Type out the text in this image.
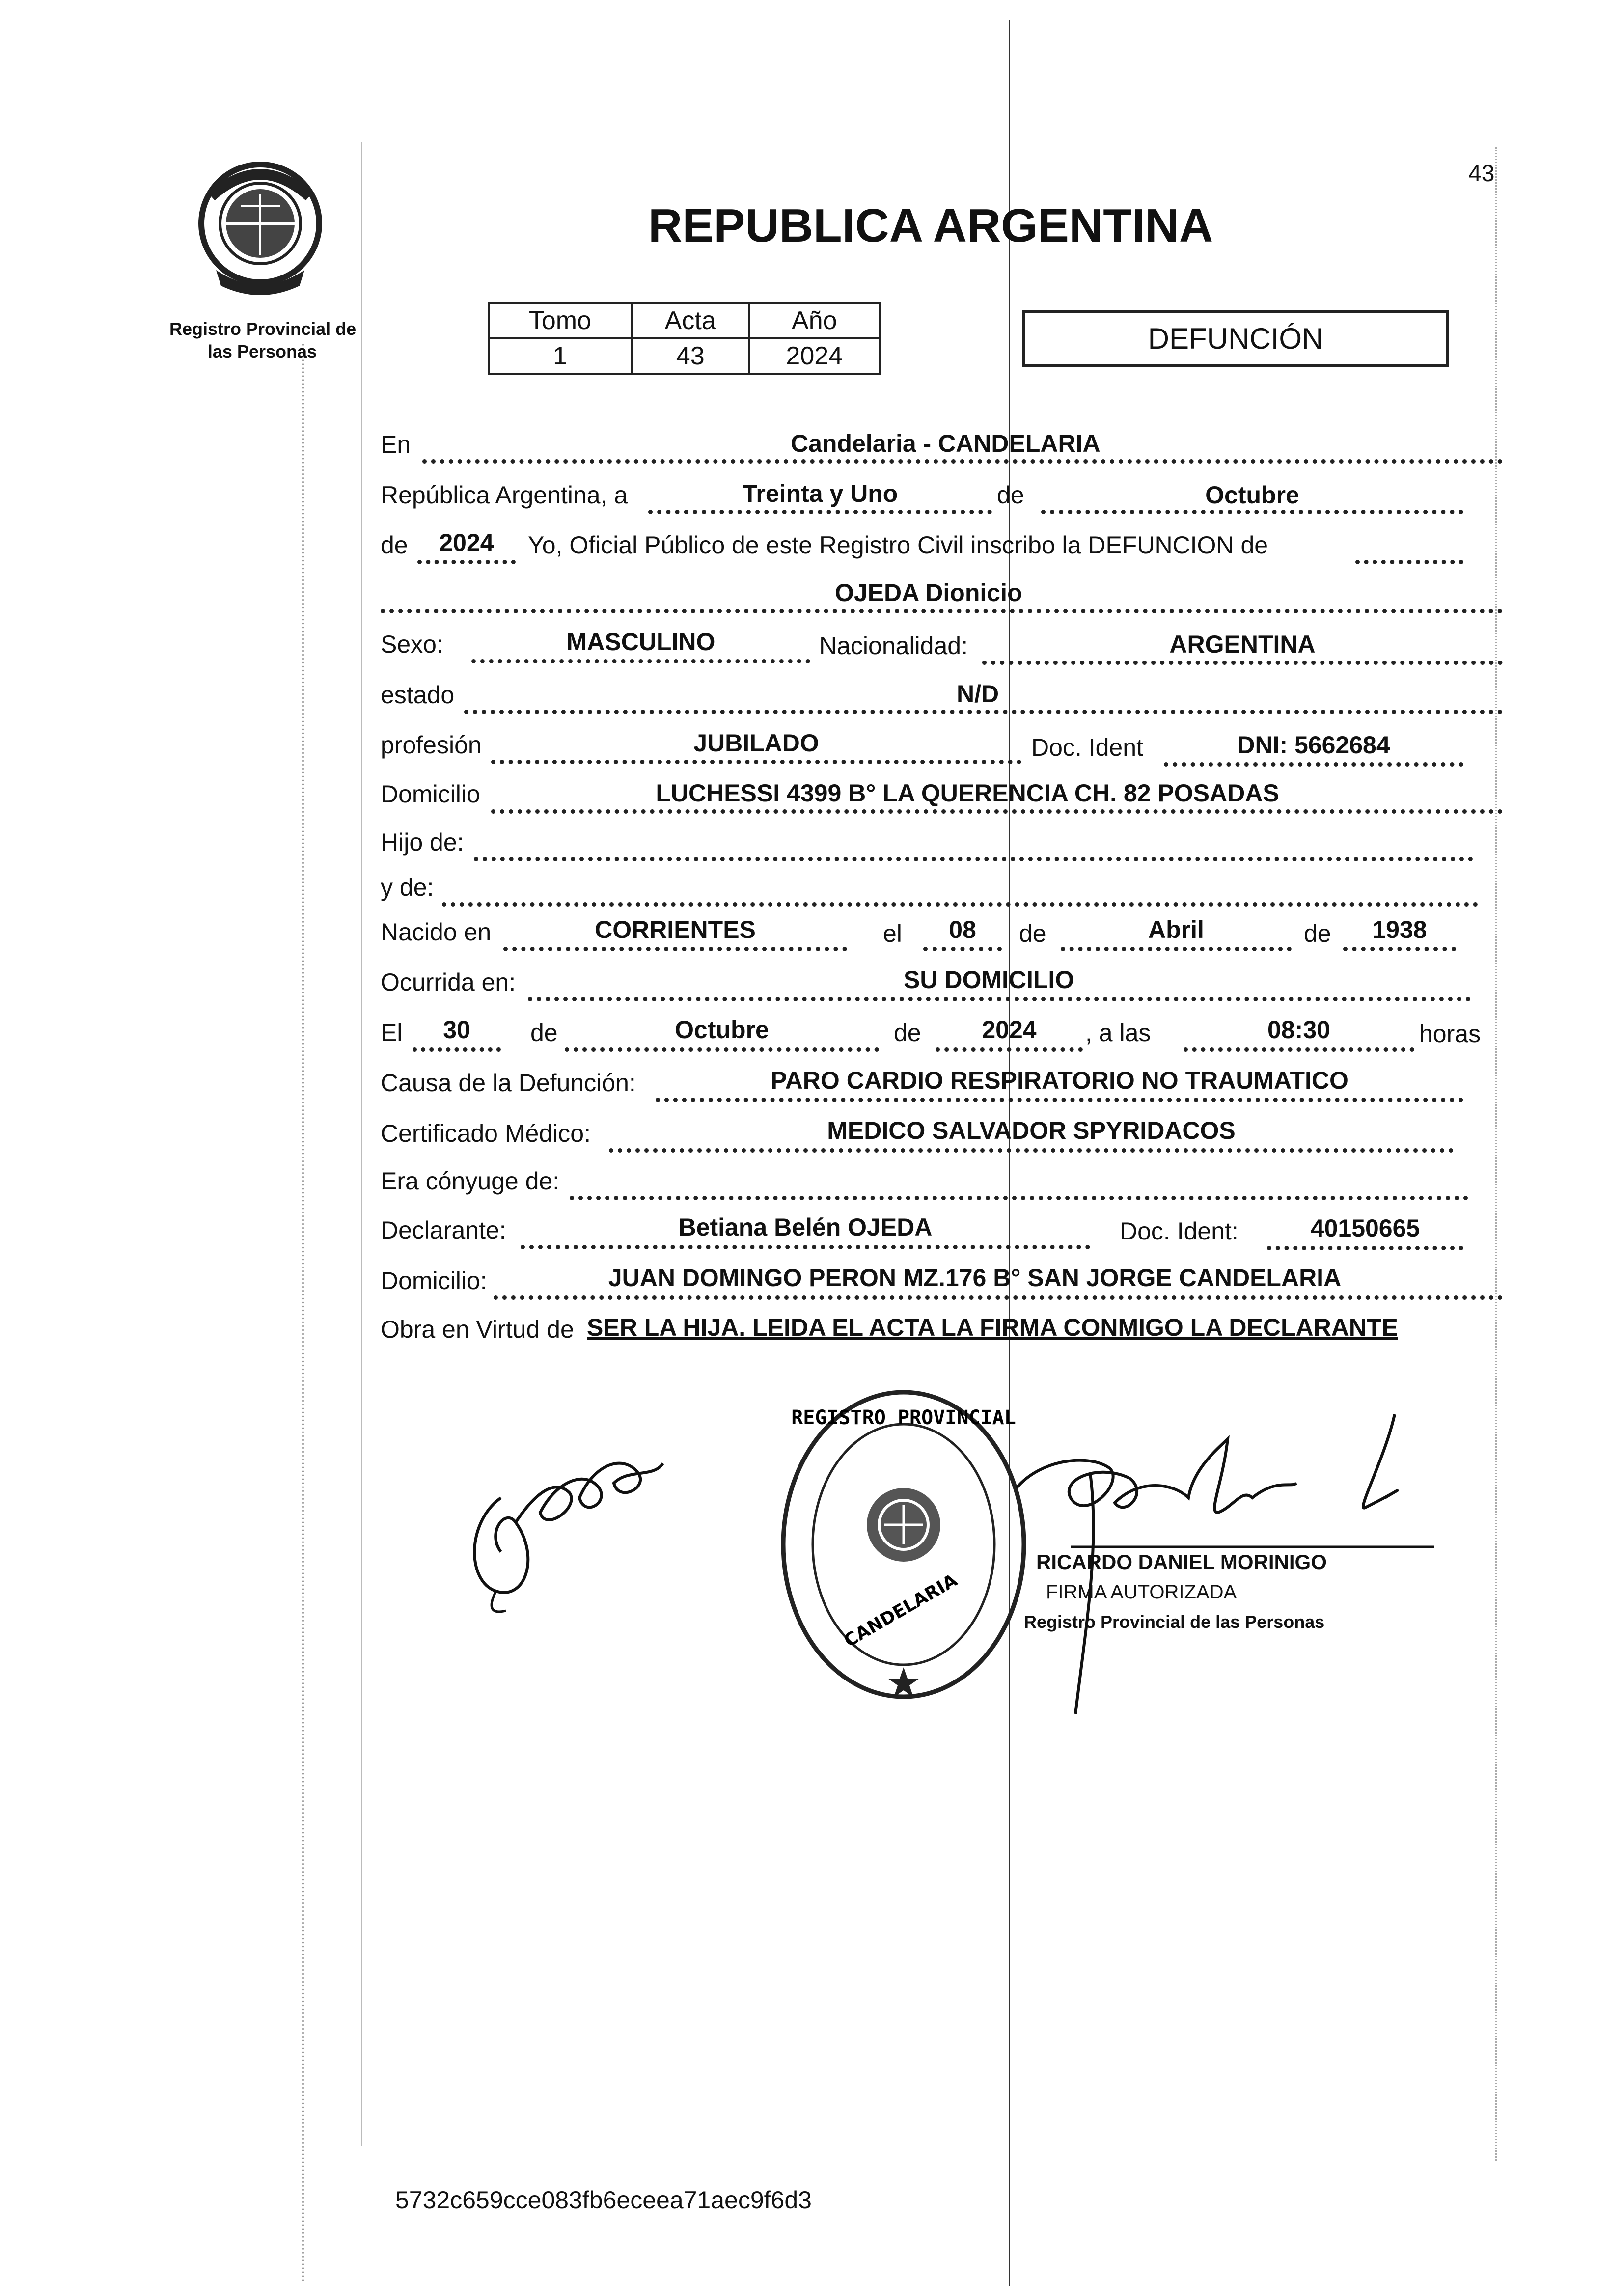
43
Registro Provincial de
las Personas
REPUBLICA ARGENTINA
Tomo	Acta	Año
1	43	2024
DEFUNCIÓN
En	Candelaria - CANDELARIA
República Argentina, a	Treinta y Uno	de	Octubre
de	2024	Yo, Oficial Público de este Registro Civil inscribo la DEFUNCION de
OJEDA Dionicio
Sexo:	MASCULINO	Nacionalidad:	ARGENTINA
estado	N/D
profesión	JUBILADO	Doc. Ident	DNI: 5662684
Domicilio	LUCHESSI 4399 B° LA QUERENCIA CH. 82 POSADAS
Hijo de:
y de:
Nacido en	CORRIENTES	el	08	de	Abril	de	1938
Ocurrida en:	SU DOMICILIO
El	30	de	Octubre	de	2024	, a las	08:30	horas
Causa de la Defunción:	PARO CARDIO RESPIRATORIO NO TRAUMATICO
Certificado Médico:	MEDICO SALVADOR SPYRIDACOS
Era cónyuge de:
Declarante:	Betiana Belén OJEDA	Doc. Ident:	40150665
Domicilio:	JUAN DOMINGO PERON MZ.176 B° SAN JORGE CANDELARIA
Obra en Virtud de SER LA HIJA. LEIDA EL ACTA LA FIRMA CONMIGO LA DECLARANTE
REGISTRO PROVINCIAL
CANDELARIA
RICARDO DANIEL MORINIGO
FIRMA AUTORIZADA
Registro Provincial de las Personas
5732c659cce083fb6eceea71aec9f6d3
